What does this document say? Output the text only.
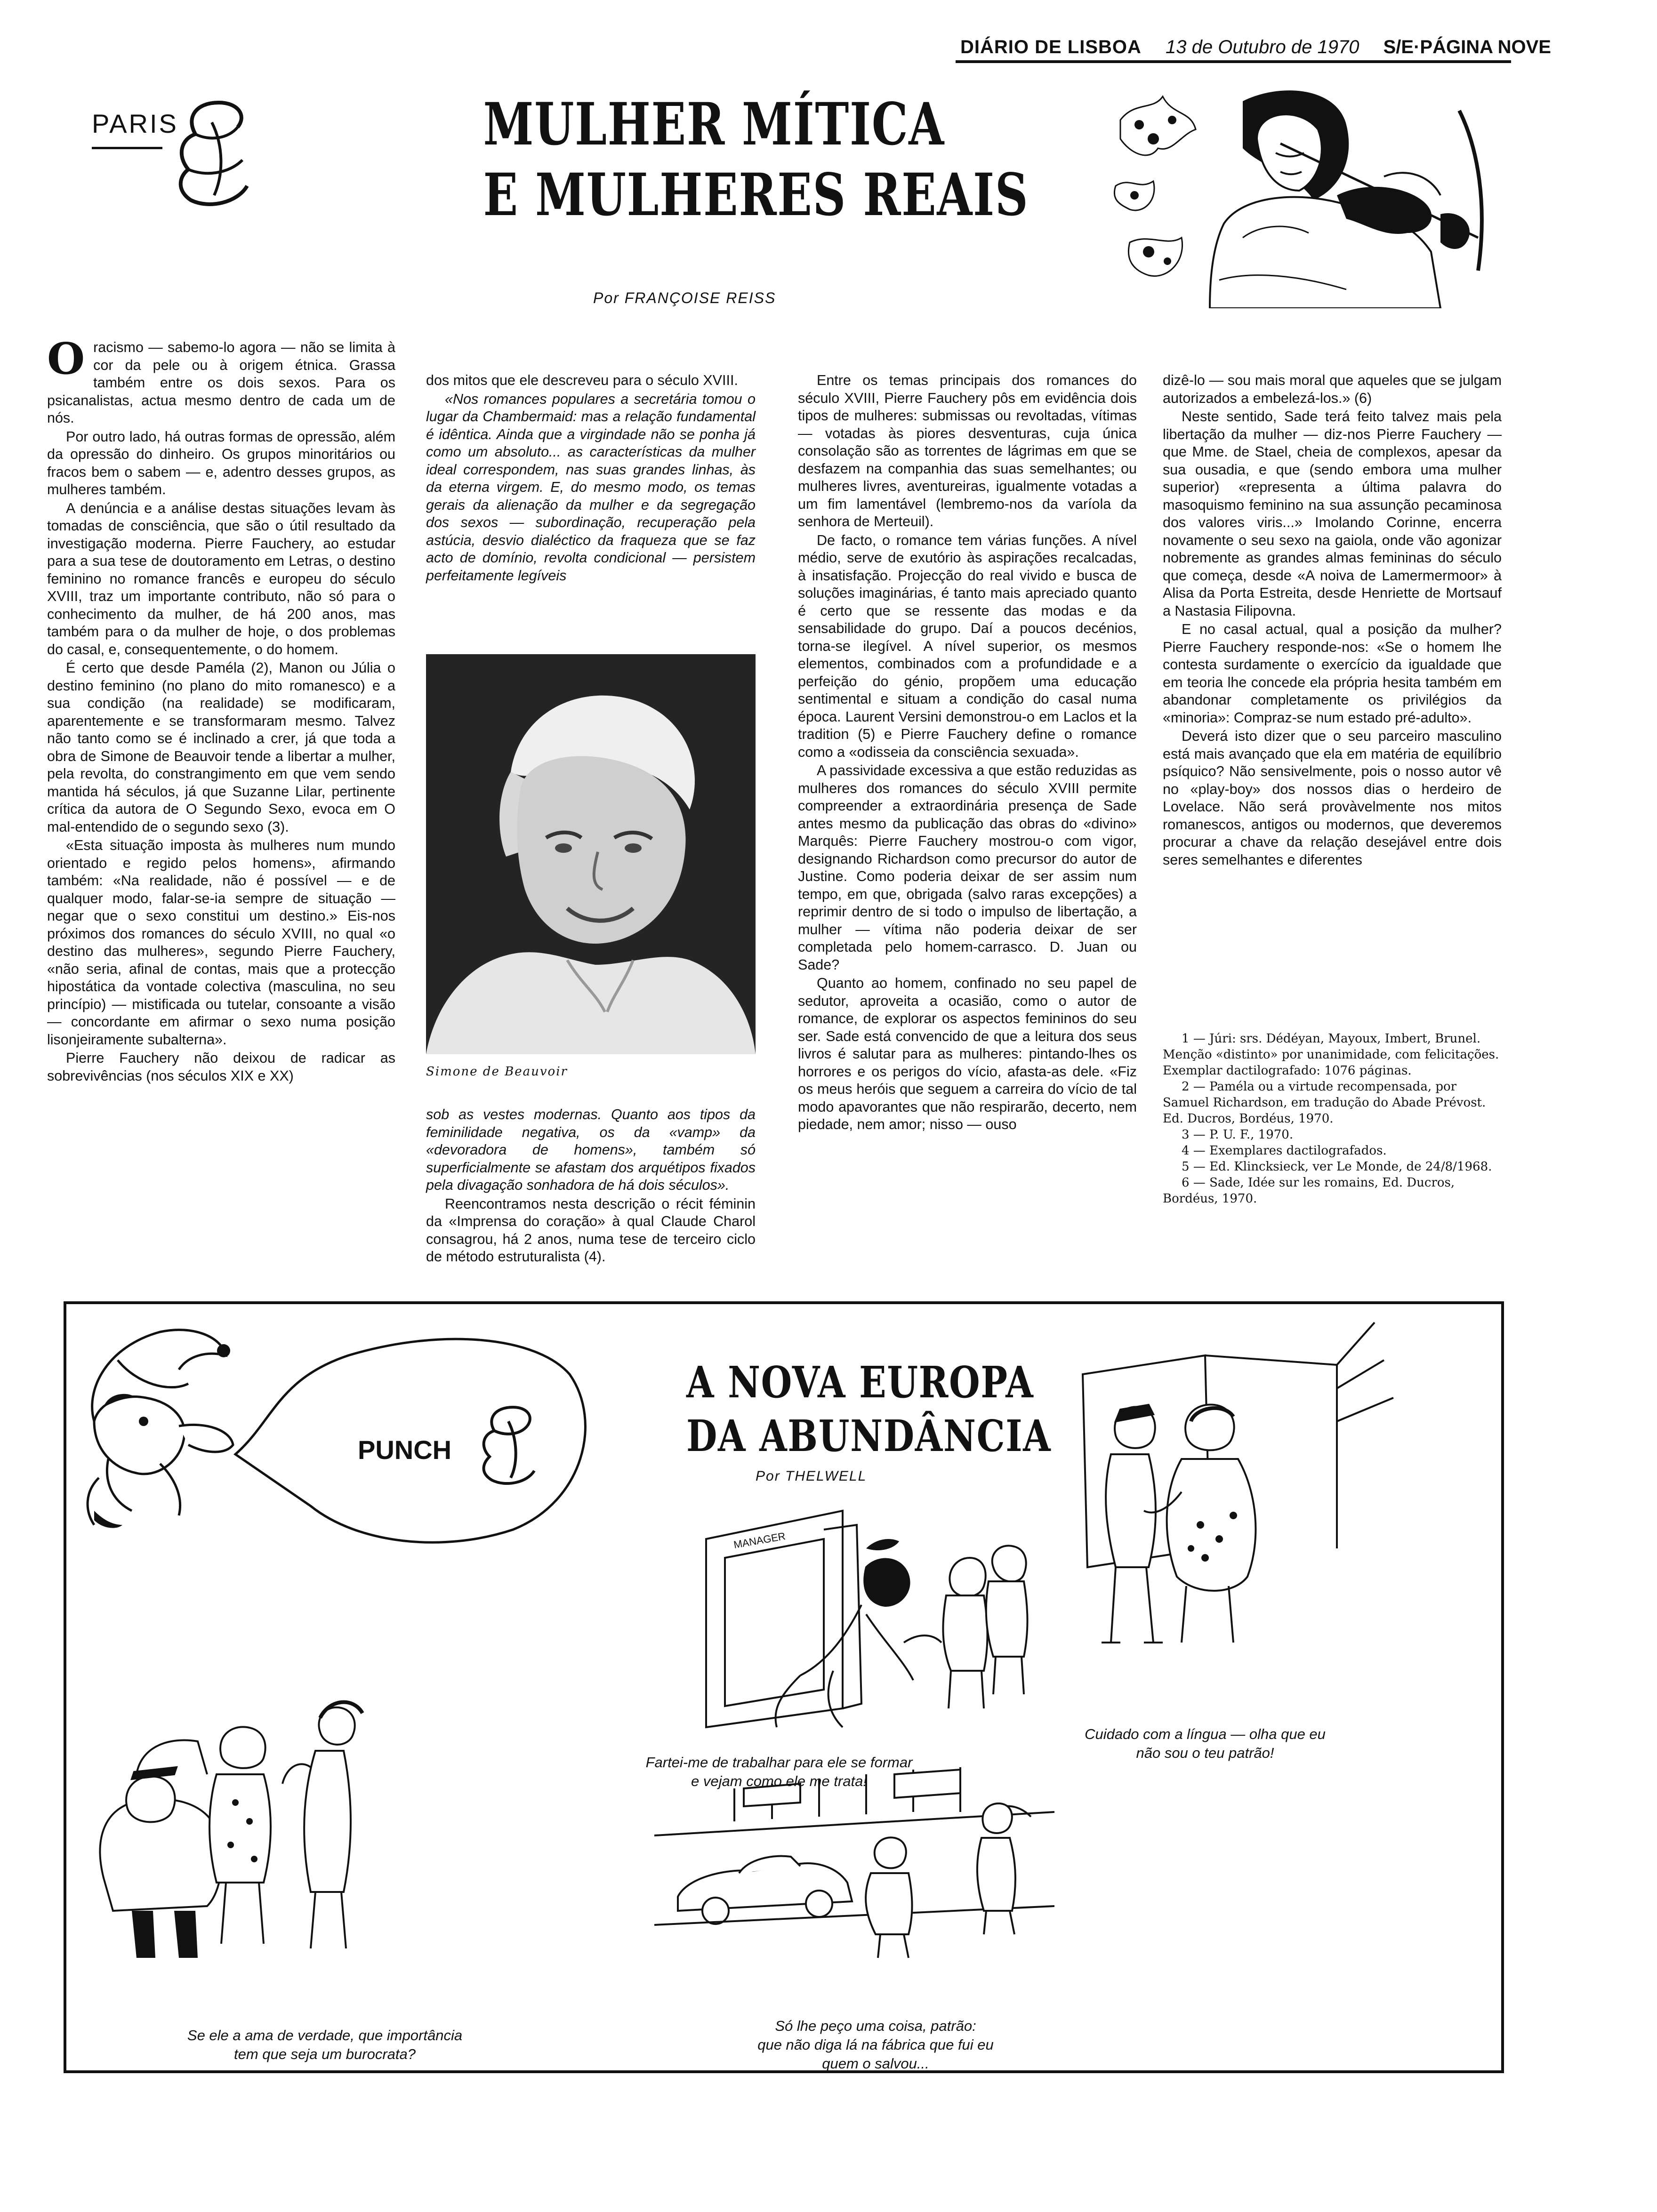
DIÁRIO DE LISBOA 13 de Outubro de 1970 S/E·PÁGINA NOVE
PARIS	MULHER MÍTICA
E MULHERES REAIS
Por FRANÇOISE REISS

Oracismo — sabemo-lo agora — não se limita à cor da pele ou à origem étnica. Grassa também entre os dois sexos. Para os psicanalistas, actua mesmo dentro de cada um de nós.

Por outro lado, há outras formas de opressão, além da opressão do dinheiro. Os grupos minoritários ou fracos bem o sabem — e, adentro desses grupos, as mulheres também.

A denúncia e a análise destas situações levam às tomadas de consciência, que são o útil resultado da investigação moderna. Pierre Fauchery, ao estudar para a sua tese de doutoramento em Letras, o destino feminino no romance francês e europeu do século XVIII, traz um importante contributo, não só para o conhecimento da mulher, de há 200 anos, mas também para o da mulher de hoje, o dos problemas do casal, e, consequentemente, o do homem.

É certo que desde Paméla (2), Manon ou Júlia o destino feminino (no plano do mito romanesco) e a sua condição (na realidade) se modificaram, aparentemente e se transformaram mesmo. Talvez não tanto como se é inclinado a crer, já que toda a obra de Simone de Beauvoir tende a libertar a mulher, pela revolta, do constrangimento em que vem sendo mantida há séculos, já que Suzanne Lilar, pertinente crítica da autora de O Segundo Sexo, evoca em O mal-entendido de o segundo sexo (3).

«Esta situação imposta às mulheres num mundo orientado e regido pelos homens», afirmando também: «Na realidade, não é possível — e de qualquer modo, falar-se-ia sempre de situação — negar que o sexo constitui um destino.» Eis-nos próximos dos romances do século XVIII, no qual «o destino das mulheres», segundo Pierre Fauchery, «não seria, afinal de contas, mais que a protecção hipostática da vontade colectiva (masculina, no seu princípio) — mistificada ou tutelar, consoante a visão — concordante em afirmar o sexo numa posição lisonjeiramente subalterna».

Pierre Fauchery não deixou de radicar as sobrevivências (nos séculos XIX e XX)

dos mitos que ele descreveu para o século XVIII.

«Nos romances populares a secretária tomou o lugar da Chambermaid: mas a relação fundamental é idêntica. Ainda que a virgindade não se ponha já como um absoluto... as características da mulher ideal correspondem, nas suas grandes linhas, às da eterna virgem. E, do mesmo modo, os temas gerais da alienação da mulher e da segregação dos sexos — subordinação, recuperação pela astúcia, desvio dialéctico da fraqueza que se faz acto de domínio, revolta condicional — persistem perfeitamente legíveis

Simone de Beauvoir

sob as vestes modernas. Quanto aos tipos da feminilidade negativa, os da «vamp» da «devoradora de homens», também só superficialmente se afastam dos arquétipos fixados pela divagação sonhadora de há dois séculos».

Reencontramos nesta descrição o récit féminin da «Imprensa do coração» à qual Claude Charol consagrou, há 2 anos, numa tese de terceiro ciclo de método estruturalista (4).

Entre os temas principais dos romances do século XVIII, Pierre Fauchery pôs em evidência dois tipos de mulheres: submissas ou revoltadas, vítimas — votadas às piores desventuras, cuja única consolação são as torrentes de lágrimas em que se desfazem na companhia das suas semelhantes; ou mulheres livres, aventureiras, igualmente votadas a um fim lamentável (lembremo-nos da varíola da senhora de Merteuil).

De facto, o romance tem várias funções. A nível médio, serve de exutório às aspirações recalcadas, à insatisfação. Projecção do real vivido e busca de soluções imaginárias, é tanto mais apreciado quanto é certo que se ressente das modas e da sensabilidade do grupo. Daí a poucos decénios, torna-se ilegível. A nível superior, os mesmos elementos, combinados com a profundidade e a perfeição do génio, propõem uma educação sentimental e situam a condição do casal numa época. Laurent Versini demonstrou-o em Laclos et la tradition (5) e Pierre Fauchery define o romance como a «odisseia da consciência sexuada».

A passividade excessiva a que estão reduzidas as mulheres dos romances do século XVIII permite compreender a extraordinária presença de Sade antes mesmo da publicação das obras do «divino» Marquês: Pierre Fauchery mostrou-o com vigor, designando Richardson como precursor do autor de Justine. Como poderia deixar de ser assim num tempo, em que, obrigada (salvo raras excepções) a reprimir dentro de si todo o impulso de libertação, a mulher — vítima não poderia deixar de ser completada pelo homem-carrasco. D. Juan ou Sade?

Quanto ao homem, confinado no seu papel de sedutor, aproveita a ocasião, como o autor de romance, de explorar os aspectos femininos do seu ser. Sade está convencido de que a leitura dos seus livros é salutar para as mulheres: pintando-lhes os horrores e os perigos do vício, afasta-as dele. «Fiz os meus heróis que seguem a carreira do vício de tal modo apavorantes que não respirarão, decerto, nem piedade, nem amor; nisso — ouso

dizê-lo — sou mais moral que aqueles que se julgam autorizados a embelezá-los.» (6)

Neste sentido, Sade terá feito talvez mais pela libertação da mulher — diz-nos Pierre Fauchery — que Mme. de Stael, cheia de complexos, apesar da sua ousadia, e que (sendo embora uma mulher superior) «representa a última palavra do masoquismo feminino na sua assunção pecaminosa dos valores viris...» Imolando Corinne, encerra novamente o seu sexo na gaiola, onde vão agonizar nobremente as grandes almas femininas do século que começa, desde «A noiva de Lamermermoor» à Alisa da Porta Estreita, desde Henriette de Mortsauf a Nastasia Filipovna.

E no casal actual, qual a posição da mulher? Pierre Fauchery responde-nos: «Se o homem lhe contesta surdamente o exercício da igualdade que em teoria lhe concede ela própria hesita também em abandonar completamente os privilégios da «minoria»: Compraz-se num estado pré-adulto».

Deverá isto dizer que o seu parceiro masculino está mais avançado que ela em matéria de equilíbrio psíquico? Não sensivelmente, pois o nosso autor vê no «play-boy» dos nossos dias o herdeiro de Lovelace. Não será provàvelmente nos mitos romanescos, antigos ou modernos, que deveremos procurar a chave da relação desejável entre dois seres semelhantes e diferentes

1 — Júri: srs. Dédéyan, Mayoux, Imbert, Brunel. Menção «distinto» por unanimidade, com felicitações. Exemplar dactilografado: 1076 páginas.

2 — Paméla ou a virtude recompensada, por Samuel Richardson, em tradução do Abade Prévost. Ed. Ducros, Bordéus, 1970.

3 — P. U. F., 1970.

4 — Exemplares dactilografados.

5 — Ed. Klincksieck, ver Le Monde, de 24/8/1968.

6 — Sade, Idée sur les romains, Ed. Ducros, Bordéus, 1970.

PUNCH
MANAGER
A NOVA EUROPA
DA ABUNDÂNCIA
Por THELWELL
Fartei-me de trabalhar para ele se formar
e vejam como ele me trata!
Cuidado com a língua — olha que eu
não sou o teu patrão!
Se ele a ama de verdade, que importância
tem que seja um burocrata?
Só lhe peço uma coisa, patrão:
que não diga lá na fábrica que fui eu
quem o salvou...
